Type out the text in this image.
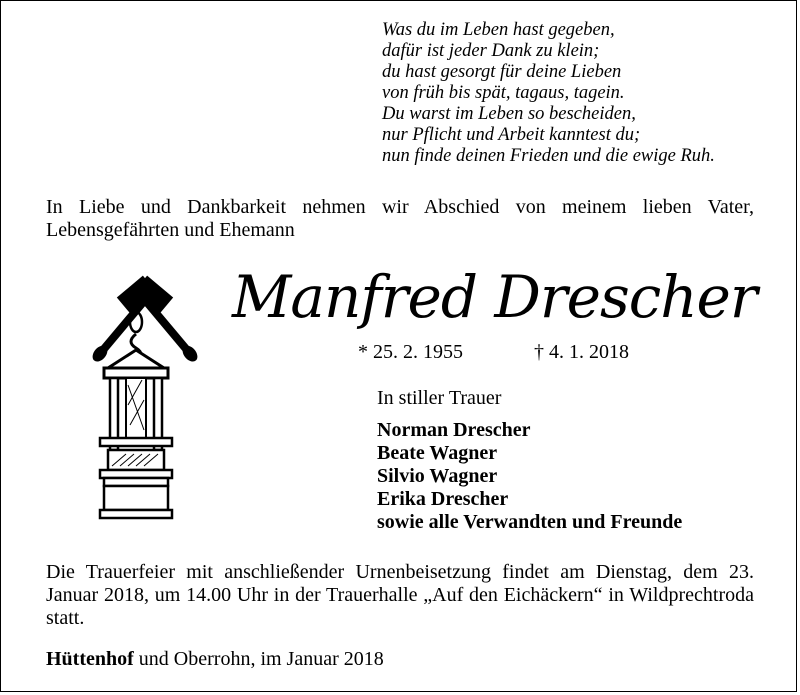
Was du im Leben hast gegeben,
dafür ist jeder Dank zu klein;
du hast gesorgt für deine Lieben
von früh bis spät, tagaus, tagein.
Du warst im Leben so bescheiden,
nur Pflicht und Arbeit kanntest du;
nun finde deinen Frieden und die ewige Ruh.
In Liebe und Dankbarkeit nehmen wir Abschied von meinem lieben Vater, Lebensgefährten und Ehemann
Manfred Drescher
* 25. 2. 1955	† 4. 1. 2018
In stiller Trauer
Norman Drescher
Beate Wagner
Silvio Wagner
Erika Drescher
sowie alle Verwandten und Freunde
Die Trauerfeier mit anschließender Urnenbeisetzung findet am Dienstag, dem 23. Januar 2018, um 14.00 Uhr in der Trauerhalle „Auf den Eichäckern“ in Wildprechtroda statt.
Hüttenhof und Oberrohn, im Januar 2018
